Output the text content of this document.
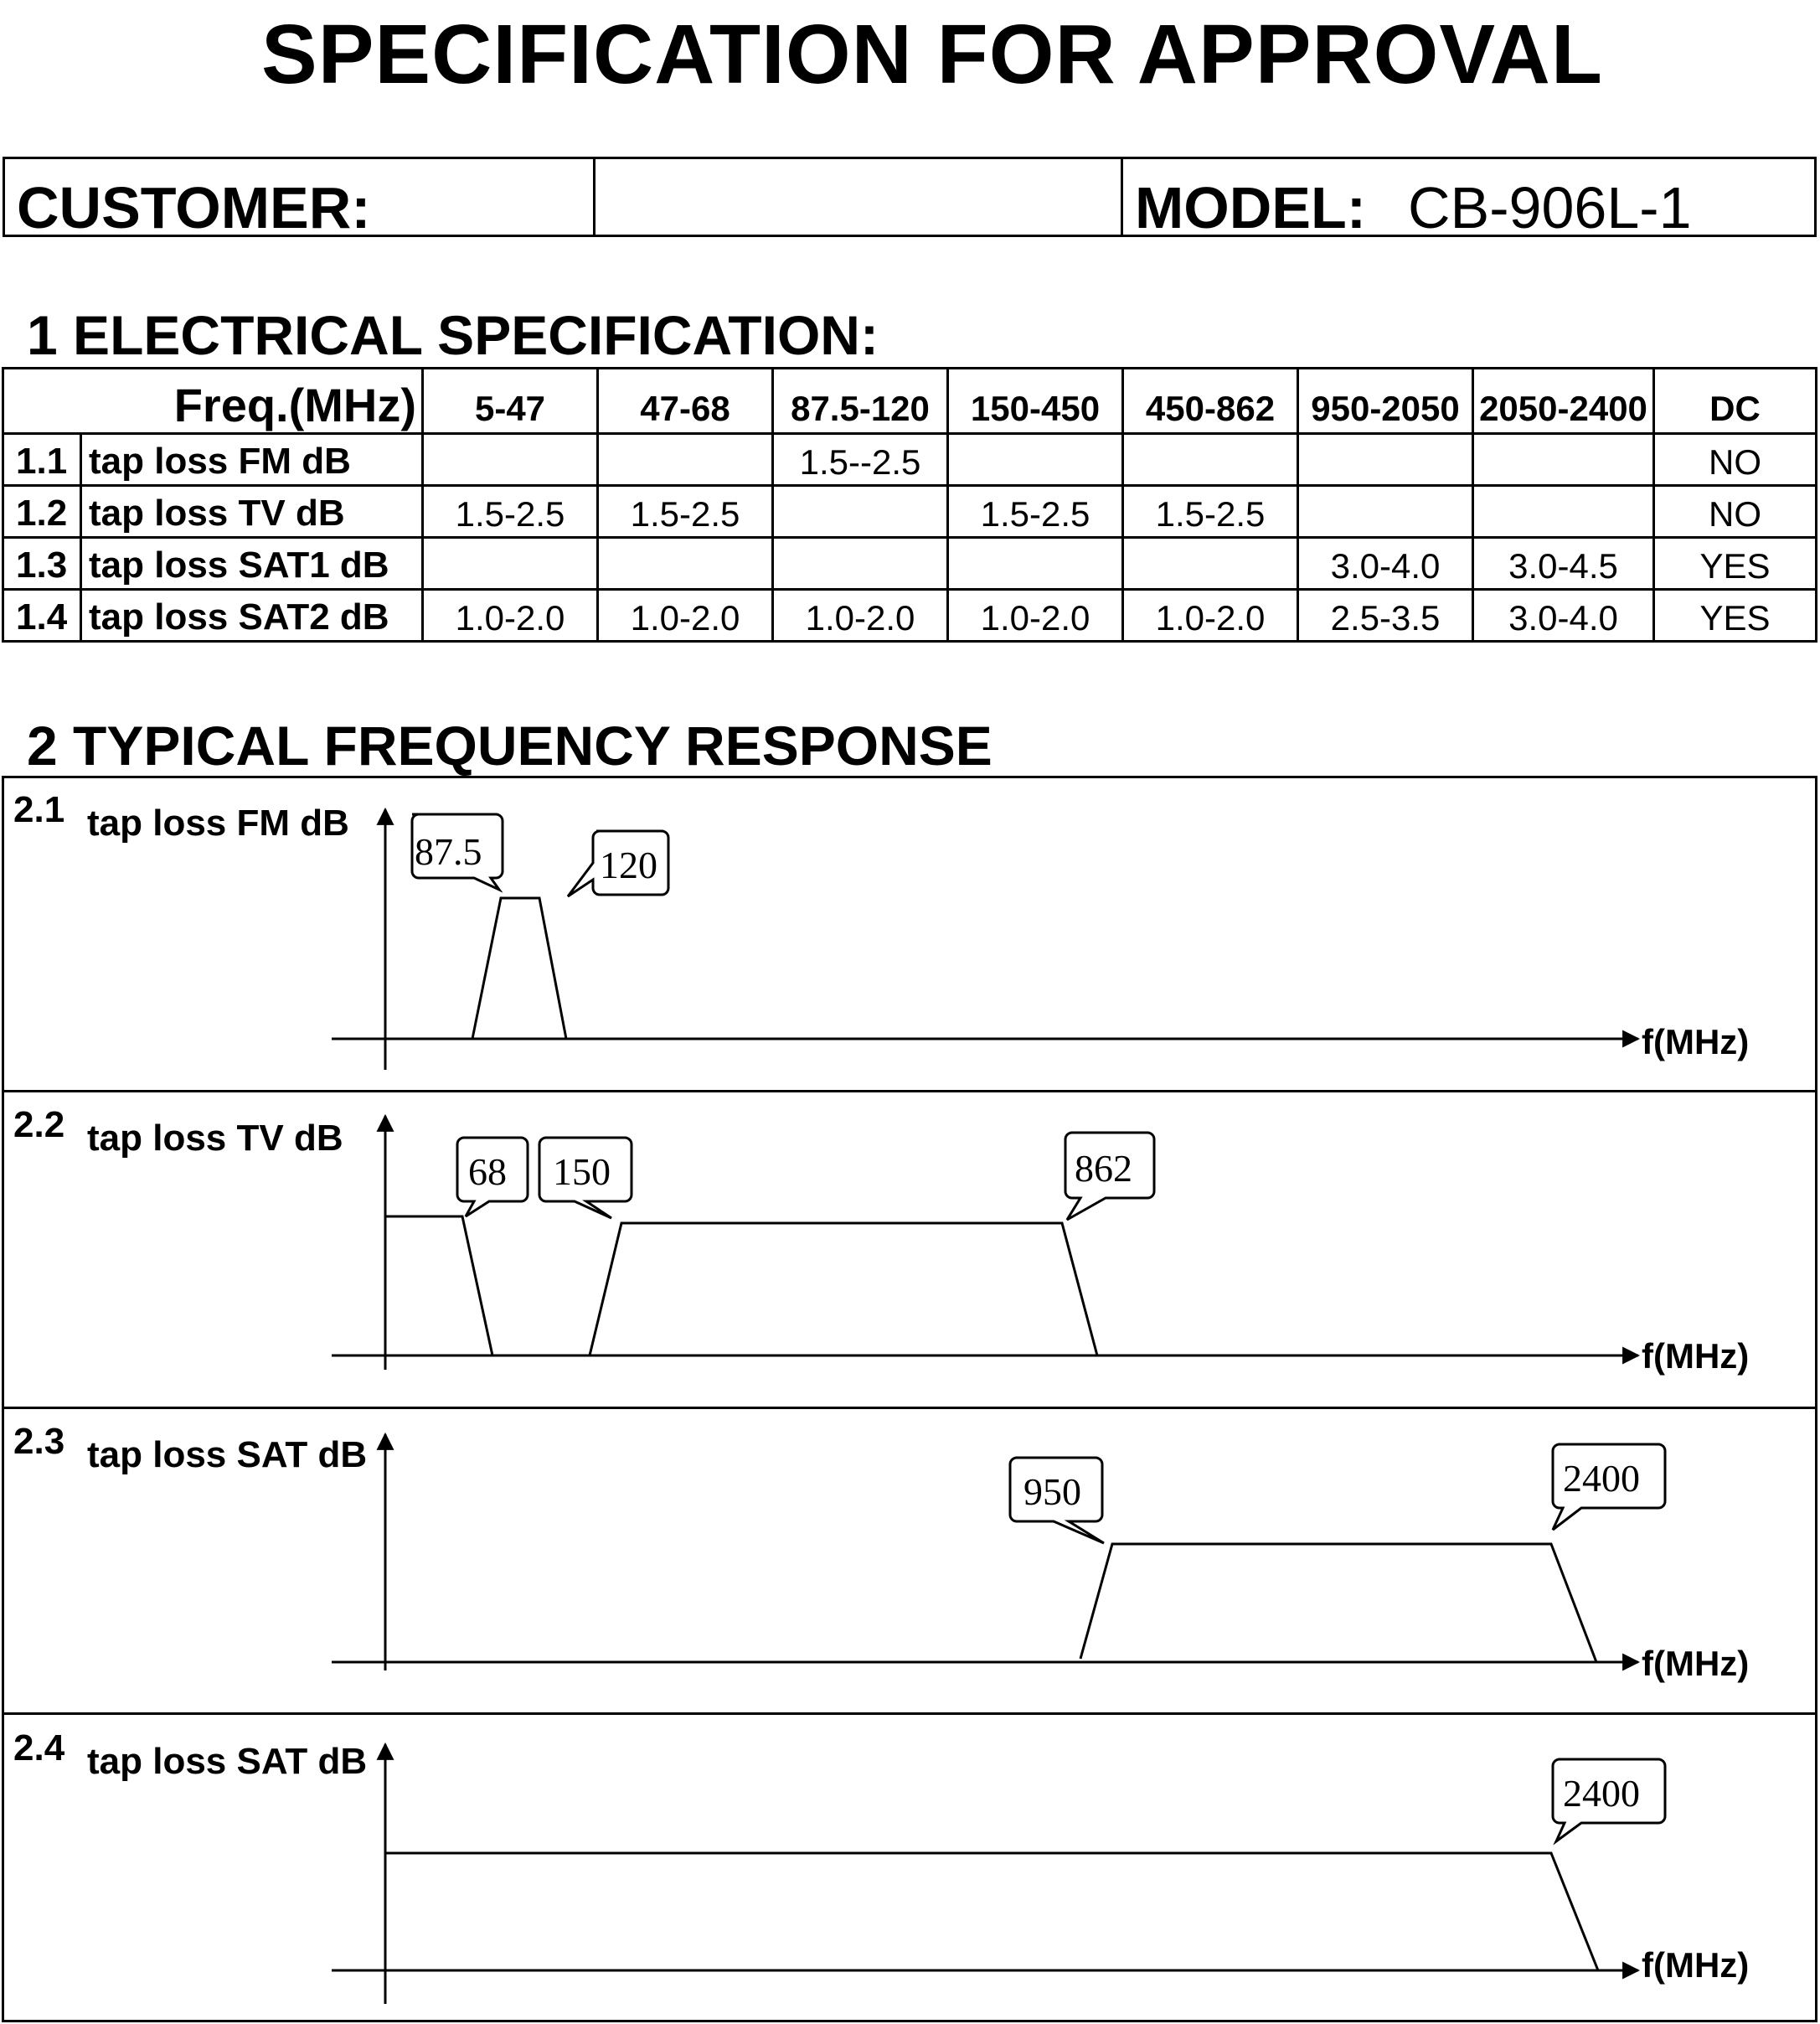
SPECIFICATION FOR APPROVAL
CUSTOMER:	MODEL: CB-906L-1
1 ELECTRICAL SPECIFICATION:
Freq.(MHz)		5-47	47-68	87.5-120	150-450	450-862	950-2050	2050-2400	DC
1.1	tap loss FM dB			1.5--2.5					NO
1.2	tap loss TV dB	1.5-2.5	1.5-2.5		1.5-2.5	1.5-2.5			NO
1.3	tap loss SAT1 dB						3.0-4.0	3.0-4.5	YES
1.4	tap loss SAT2 dB	1.0-2.0	1.0-2.0	1.0-2.0	1.0-2.0	1.0-2.0	2.5-3.5	3.0-4.0	YES
2 TYPICAL FREQUENCY RESPONSE
2.1 tap loss FM dB
2.2 tap loss TV dB
2.3 tap loss SAT dB
2.4 tap loss SAT dB
f(MHz)
f(MHz)
f(MHz)
f(MHz)
87.5	120
68 150	862
950	2400
2400
